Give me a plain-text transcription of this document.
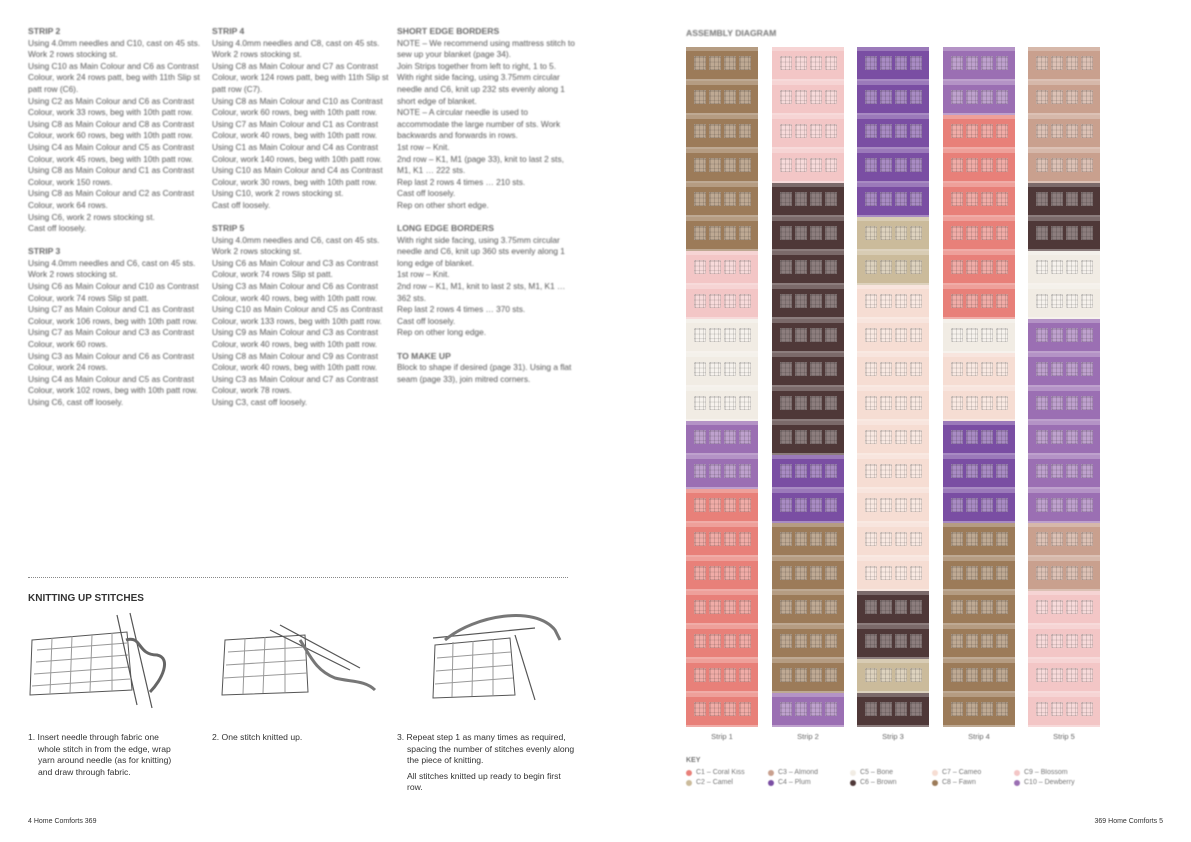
STRIP 2

Using 4.0mm needles and C10, cast on 45 sts.

Work 2 rows stocking st.

Using C10 as Main Colour and C6 as Contrast Colour, work 24 rows patt, beg with 11th Slip st patt row (C6).

Using C2 as Main Colour and C6 as Contrast Colour, work 33 rows, beg with 10th patt row.

Using C8 as Main Colour and C8 as Contrast Colour, work 60 rows, beg with 10th patt row.

Using C4 as Main Colour and C5 as Contrast Colour, work 45 rows, beg with 10th patt row.

Using C8 as Main Colour and C1 as Contrast Colour, work 150 rows.

Using C8 as Main Colour and C2 as Contrast Colour, work 64 rows.

Using C6, work 2 rows stocking st.

Cast off loosely.

STRIP 3

Using 4.0mm needles and C6, cast on 45 sts.

Work 2 rows stocking st.

Using C6 as Main Colour and C10 as Contrast Colour, work 74 rows Slip st patt.

Using C7 as Main Colour and C1 as Contrast Colour, work 106 rows, beg with 10th patt row.

Using C7 as Main Colour and C3 as Contrast Colour, work 60 rows.

Using C3 as Main Colour and C6 as Contrast Colour, work 24 rows.

Using C4 as Main Colour and C5 as Contrast Colour, work 102 rows, beg with 10th patt row.

Using C6, cast off loosely.

STRIP 4

Using 4.0mm needles and C8, cast on 45 sts.

Work 2 rows stocking st.

Using C8 as Main Colour and C7 as Contrast Colour, work 124 rows patt, beg with 11th Slip st patt row (C7).

Using C8 as Main Colour and C10 as Contrast Colour, work 60 rows, beg with 10th patt row.

Using C7 as Main Colour and C1 as Contrast Colour, work 40 rows, beg with 10th patt row.

Using C1 as Main Colour and C4 as Contrast Colour, work 140 rows, beg with 10th patt row.

Using C10 as Main Colour and C4 as Contrast Colour, work 30 rows, beg with 10th patt row.

Using C10, work 2 rows stocking st.

Cast off loosely.

STRIP 5

Using 4.0mm needles and C6, cast on 45 sts.

Work 2 rows stocking st.

Using C6 as Main Colour and C3 as Contrast Colour, work 74 rows Slip st patt.

Using C3 as Main Colour and C6 as Contrast Colour, work 40 rows, beg with 10th patt row.

Using C10 as Main Colour and C5 as Contrast Colour, work 133 rows, beg with 10th patt row.

Using C9 as Main Colour and C3 as Contrast Colour, work 40 rows, beg with 10th patt row.

Using C8 as Main Colour and C9 as Contrast Colour, work 40 rows, beg with 10th patt row.

Using C3 as Main Colour and C7 as Contrast Colour, work 78 rows.

Using C3, cast off loosely.

SHORT EDGE BORDERS

NOTE – We recommend using mattress stitch to sew up your blanket (page 34).

Join Strips together from left to right, 1 to 5.

With right side facing, using 3.75mm circular needle and C6, knit up 232 sts evenly along 1 short edge of blanket.

NOTE – A circular needle is used to accommodate the large number of sts. Work backwards and forwards in rows.

1st row – Knit.

2nd row – K1, M1 (page 33), knit to last 2 sts, M1, K1 … 222 sts.

Rep last 2 rows 4 times … 210 sts.

Cast off loosely.

Rep on other short edge.

LONG EDGE BORDERS

With right side facing, using 3.75mm circular needle and C6, knit up 360 sts evenly along 1 long edge of blanket.

1st row – Knit.

2nd row – K1, M1, knit to last 2 sts, M1, K1 … 362 sts.

Rep last 2 rows 4 times … 370 sts.

Cast off loosely.

Rep on other long edge.

TO MAKE UP

Block to shape if desired (page 31). Using a flat seam (page 33), join mitred corners.

KNITTING UP STITCHES

1. Insert needle through fabric one whole stitch in from the edge, wrap yarn around needle (as for knitting) and draw through fabric.

2. One stitch knitted up.	3. Repeat step 1 as many times as required, spacing the number of stitches evenly along the piece of knitting.

All stitches knitted up ready to begin first row.

4 Home Comforts 369
ASSEMBLY DIAGRAM
Strip 1	Strip 2	Strip 3	Strip 4	Strip 5
KEY
C1 – Coral Kiss	C3 – Almond	C5 – Bone	C7 – Cameo	C9 – Blossom
C2 – Camel	C4 – Plum	C6 – Brown	C8 – Fawn	C10 – Dewberry
369 Home Comforts 5
